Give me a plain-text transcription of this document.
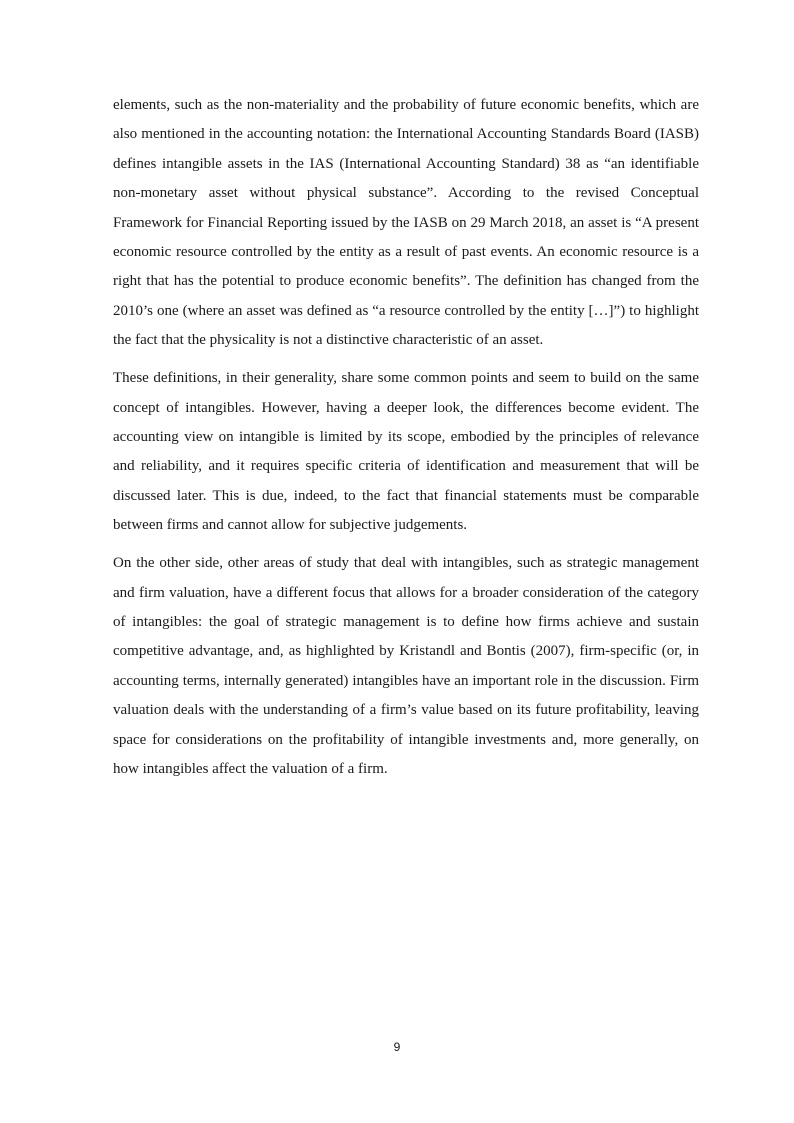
elements, such as the non-materiality and the probability of future economic benefits, which are also mentioned in the accounting notation: the International Accounting Standards Board (IASB) defines intangible assets in the IAS (International Accounting Standard) 38 as “an identifiable non-monetary asset without physical substance”. According to the revised Conceptual Framework for Financial Reporting issued by the IASB on 29 March 2018, an asset is “A present economic resource controlled by the entity as a result of past events. An economic resource is a right that has the potential to produce economic benefits”. The definition has changed from the 2010’s one (where an asset was defined as “a resource controlled by the entity […]”) to highlight the fact that the physicality is not a distinctive characteristic of an asset.

These definitions, in their generality, share some common points and seem to build on the same concept of intangibles. However, having a deeper look, the differences become evident. The accounting view on intangible is limited by its scope, embodied by the principles of relevance and reliability, and it requires specific criteria of identification and measurement that will be discussed later. This is due, indeed, to the fact that financial statements must be comparable between firms and cannot allow for subjective judgements.

On the other side, other areas of study that deal with intangibles, such as strategic management and firm valuation, have a different focus that allows for a broader consideration of the category of intangibles: the goal of strategic management is to define how firms achieve and sustain competitive advantage, and, as highlighted by Kristandl and Bontis (2007), firm-specific (or, in accounting terms, internally generated) intangibles have an important role in the discussion. Firm valuation deals with the understanding of a firm’s value based on its future profitability, leaving space for considerations on the profitability of intangible investments and, more generally, on how intangibles affect the valuation of a firm.

9
